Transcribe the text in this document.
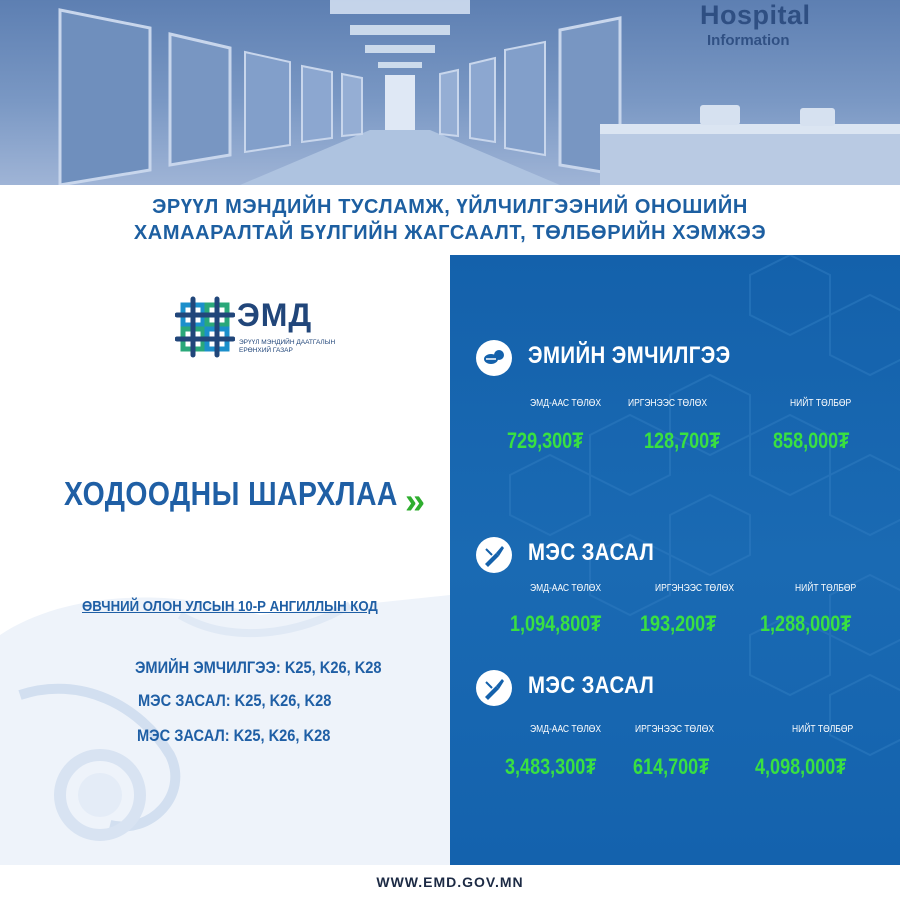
Hospital
Information
ЭРҮҮЛ МЭНДИЙН ТУСЛАМЖ, ҮЙЛЧИЛГЭЭНИЙ ОНОШИЙН
ХАМААРАЛТАЙ БҮЛГИЙН ЖАГСААЛТ, ТӨЛБӨРИЙН ХЭМЖЭЭ
ЭМД
ЭРҮҮЛ МЭНДИЙН ДААТГАЛЫН ЕРӨНХИЙ ГАЗАР
ХОДООДНЫ ШАРХЛАА »
ӨВЧНИЙ ОЛОН УЛСЫН 10-Р АНГИЛЛЫН КОД
ЭМИЙН ЭМЧИЛГЭЭ: K25, K26, K28
МЭС ЗАСАЛ: K25, K26, K28
МЭС ЗАСАЛ: K25, K26, K28
ЭМИЙН ЭМЧИЛГЭЭ
ЭМД-ААС ТӨЛӨХ	ИРГЭНЭЭС ТӨЛӨХ	НИЙТ ТӨЛБӨР
729,300₮	128,700₮ 858,000₮
МЭС ЗАСАЛ
ЭМД-ААС ТӨЛӨХ	ИРГЭНЭЭС ТӨЛӨХ	НИЙТ ТӨЛБӨР
1,094,800₮ 193,200₮ 1,288,000₮
МЭС ЗАСАЛ
ЭМД-ААС ТӨЛӨХ	ИРГЭНЭЭС ТӨЛӨХ	НИЙТ ТӨЛБӨР
3,483,300₮ 614,700₮ 4,098,000₮
WWW.EMD.GOV.MN
